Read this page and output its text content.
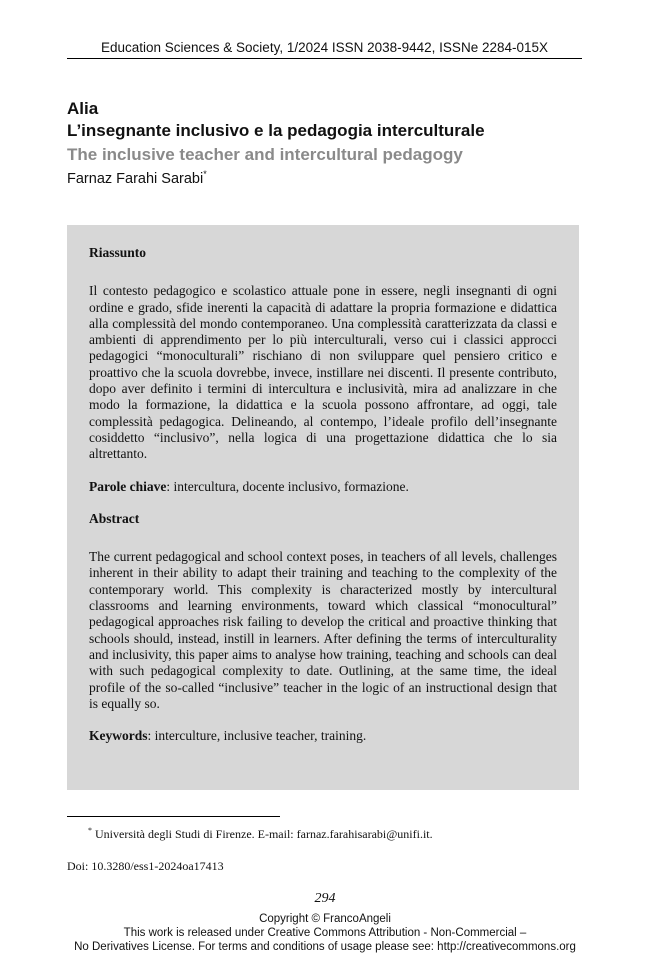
Education Sciences & Society, 1/2024 ISSN 2038-9442, ISSNe 2284-015X
Alia
L’insegnante inclusivo e la pedagogia interculturale
The inclusive teacher and intercultural pedagogy
Farnaz Farahi Sarabi*
Riassunto

Il contesto pedagogico e scolastico attuale pone in essere, negli insegnanti di ogni ordine e grado, sfide inerenti la capacità di adattare la propria formazione e didattica alla complessità del mondo contemporaneo. Una complessità caratterizzata da classi e ambienti di apprendimento per lo più interculturali, verso cui i classici approcci pedagogici “monoculturali” rischiano di non sviluppare quel pensiero critico e proattivo che la scuola dovrebbe, invece, instillare nei discenti. Il presente contributo, dopo aver definito i termini di intercultura e inclusività, mira ad analizzare in che modo la formazione, la didattica e la scuola possono affrontare, ad oggi, tale complessità pedagogica. Delineando, al contempo, l’ideale profilo dell’insegnante cosiddetto “inclusivo”, nella logica di una progettazione didattica che lo sia altrettanto.

Parole chiave: intercultura, docente inclusivo, formazione.

Abstract

The current pedagogical and school context poses, in teachers of all levels, challenges inherent in their ability to adapt their training and teaching to the complexity of the contemporary world. This complexity is characterized mostly by intercultural classrooms and learning environments, toward which classical “monocultural” pedagogical approaches risk failing to develop the critical and proactive thinking that schools should, instead, instill in learners. After defining the terms of interculturality and inclusivity, this paper aims to analyse how training, teaching and schools can deal with such pedagogical complexity to date. Outlining, at the same time, the ideal profile of the so-called “inclusive” teacher in the logic of an instructional design that is equally so.

Keywords: interculture, inclusive teacher, training.

* Università degli Studi di Firenze. E-mail: farnaz.farahisarabi@unifi.it.
Doi: 10.3280/ess1-2024oa17413
294
Copyright © FrancoAngeli
This work is released under Creative Commons Attribution - Non-Commercial –
No Derivatives License. For terms and conditions of usage please see: http://creativecommons.org
